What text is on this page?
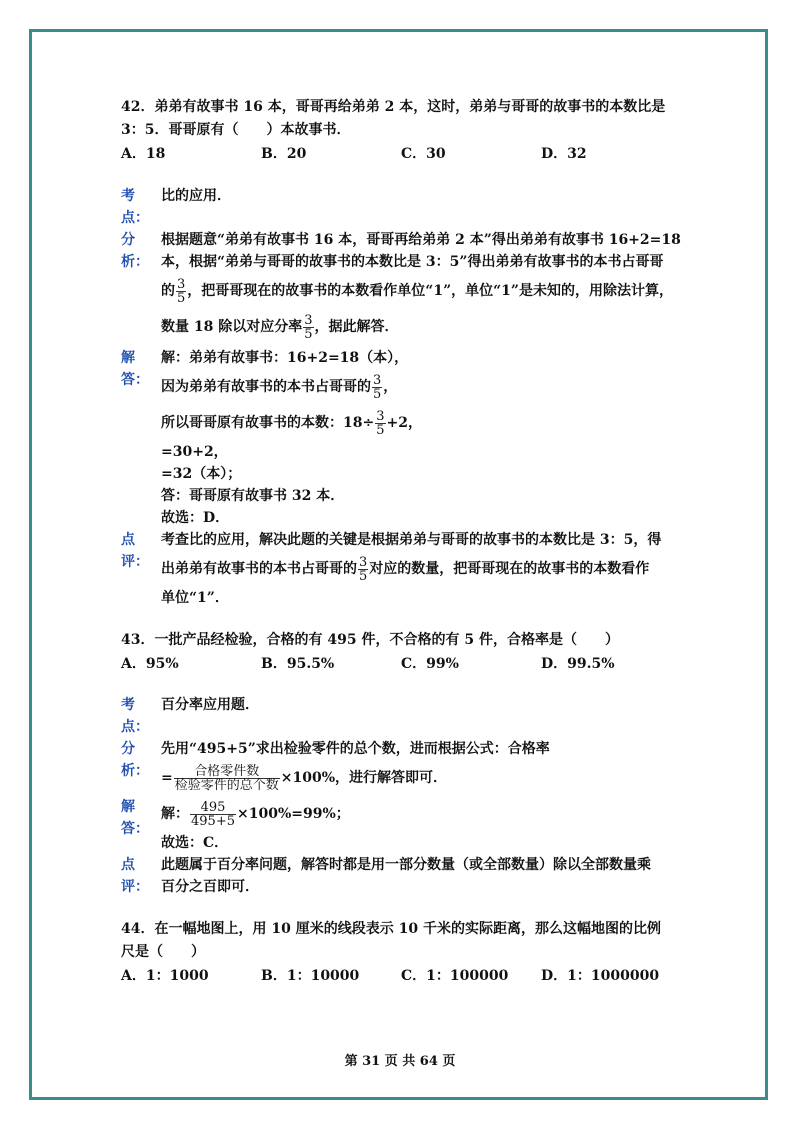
42．弟弟有故事书 16 本，哥哥再给弟弟 2 本，这时，弟弟与哥哥的故事书的本数比是

3：5．哥哥原有（　　）本故事书．

A．18	B．20	C．30	D．32
考
点：

比的应用．

分
析：

根据题意“弟弟有故事书 16 本，哥哥再给弟弟 2 本”得出弟弟有故事书 16+2=18

本，根据“弟弟与哥哥的故事书的本数比是 3：5”得出弟弟有故事书的本书占哥哥

的 $\frac{3}{5}$ ，把哥哥现在的故事书的本数看作单位“1”，单位“1”是未知的，用除法计算，

数量 18 除以对应分率 $\frac{3}{5}$ ，据此解答．

解
答：

解：弟弟有故事书：16+2=18（本），

因为弟弟有故事书的本书占哥哥的 $\frac{3}{5}$ ，

所以哥哥原有故事书的本数：$18\div \frac{3}{5} +2$，

=30+2，

=32（本）；

答：哥哥原有故事书 32 本．

故选：D．

点
评：

考查比的应用，解决此题的关键是根据弟弟与哥哥的故事书的本数比是 3：5，得

出弟弟有故事书的本书占哥哥的 $\frac{3}{5}$ 对应的数量，把哥哥现在的故事书的本数看作

单位“1”．

43．一批产品经检验，合格的有 495 件，不合格的有 5 件，合格率是（　　）

A．95%	B．95.5%	C．99%	D．99.5%
考
点：

百分率应用题．

分
析：

先用“495+5”求出检验零件的总个数，进而根据公式：合格率

= $\frac{\text{合格零件数}}{\text{检验零件的总个数}} \times 100\%$，进行解答即可．

解
答：

解： $\frac{495}{495+5} \times 100\%=99\%$；

故选：C．

点
评：

此题属于百分率问题，解答时都是用一部分数量（或全部数量）除以全部数量乘

百分之百即可．

44．在一幅地图上，用 10 厘米的线段表示 10 千米的实际距离，那么这幅地图的比例

尺是（　　）

A．1：1000	B．1：10000	C．1：100000	D．1：1000000
第 31 页 共 64 页
